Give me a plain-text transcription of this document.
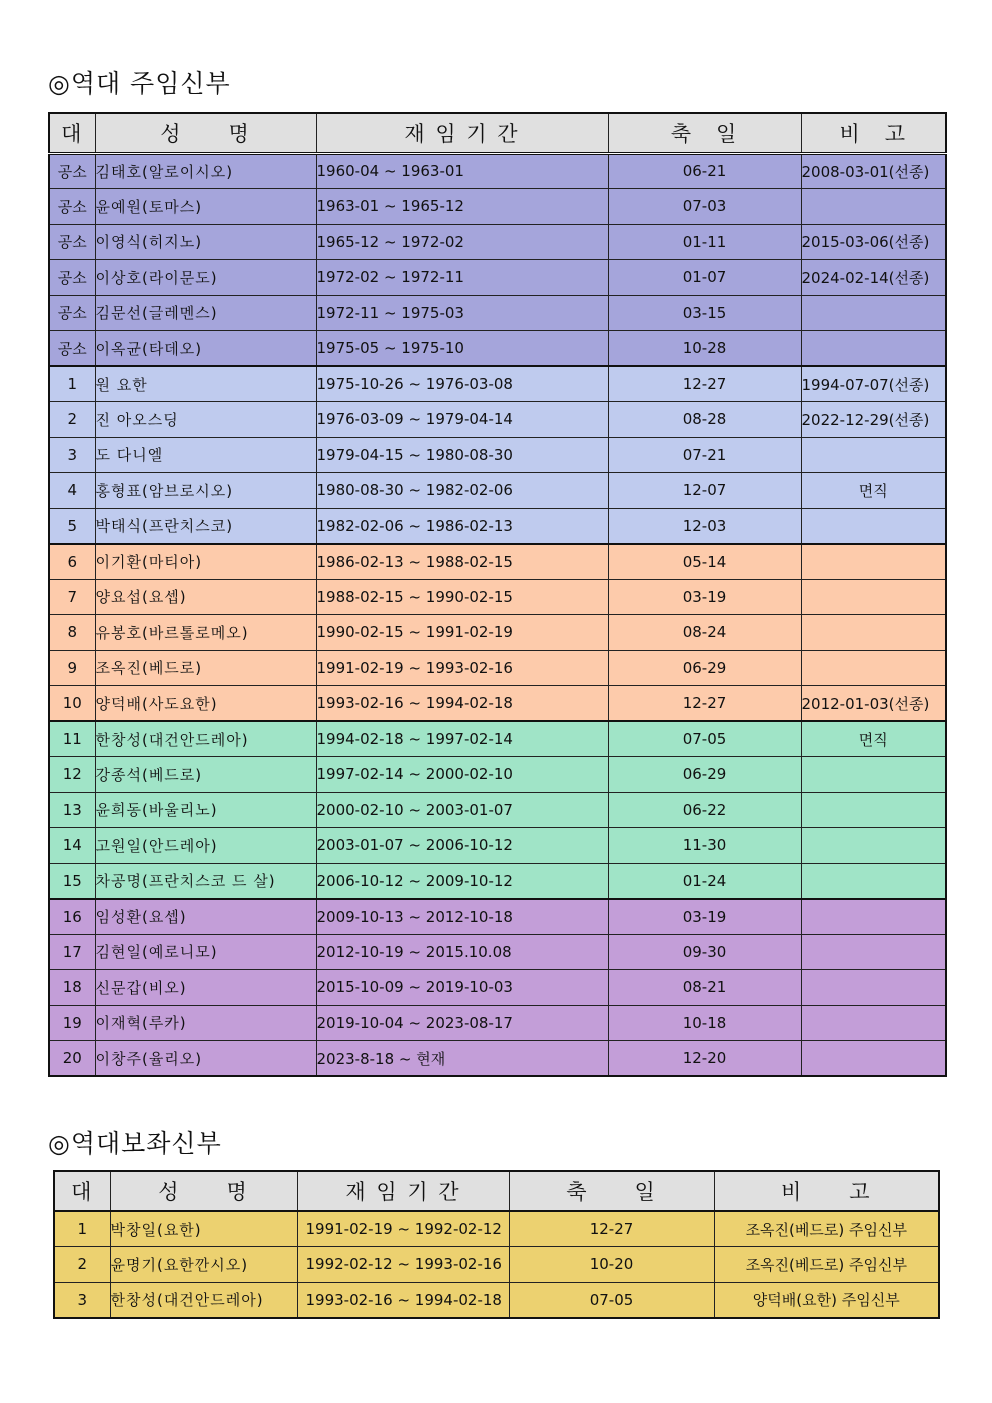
◎역대 주임신부
대	성　　명	재 임 기 간	축　일	비　고
공소	김태호(알로이시오)	1960-04 ~ 1963-01	06-21	2008-03-01(선종)
공소	윤예원(토마스)	1963-01 ~ 1965-12	07-03	
공소	이영식(히지노)	1965-12 ~ 1972-02	01-11	2015-03-06(선종)
공소	이상호(라이문도)	1972-02 ~ 1972-11	01-07	2024-02-14(선종)
공소	김문선(글레멘스)	1972-11 ~ 1975-03	03-15	
공소	이옥균(타데오)	1975-05 ~ 1975-10	10-28	
1	원 요한	1975-10-26 ~ 1976-03-08	12-27	1994-07-07(선종)
2	진 아오스딩	1976-03-09 ~ 1979-04-14	08-28	2022-12-29(선종)
3	도 다니엘	1979-04-15 ~ 1980-08-30	07-21	
4	홍형표(암브로시오)	1980-08-30 ~ 1982-02-06	12-07	면직
5	박태식(프란치스코)	1982-02-06 ~ 1986-02-13	12-03	
6	이기환(마티아)	1986-02-13 ~ 1988-02-15	05-14	
7	양요섭(요셉)	1988-02-15 ~ 1990-02-15	03-19	
8	유봉호(바르톨로메오)	1990-02-15 ~ 1991-02-19	08-24	
9	조옥진(베드로)	1991-02-19 ~ 1993-02-16	06-29	
10	양덕배(사도요한)	1993-02-16 ~ 1994-02-18	12-27	2012-01-03(선종)
11	한창성(대건안드레아)	1994-02-18 ~ 1997-02-14	07-05	면직
12	강종석(베드로)	1997-02-14 ~ 2000-02-10	06-29	
13	윤희동(바울리노)	2000-02-10 ~ 2003-01-07	06-22	
14	고원일(안드레아)	2003-01-07 ~ 2006-10-12	11-30	
15	차공명(프란치스코 드 살)	2006-10-12 ~ 2009-10-12	01-24	
16	임성환(요셉)	2009-10-13 ~ 2012-10-18	03-19	
17	김현일(예로니모)	2012-10-19 ~ 2015.10.08	09-30	
18	신문갑(비오)	2015-10-09 ~ 2019-10-03	08-21	
19	이재혁(루카)	2019-10-04 ~ 2023-08-17	10-18	
20	이창주(율리오)	2023-8-18 ~ 현재	12-20	
◎역대보좌신부
대	성　　명	재 임 기 간	축　　일	비　　고
1	박창일(요한)	1991-02-19 ~ 1992-02-12	12-27	조옥진(베드로) 주임신부
2	윤명기(요한깐시오)	1992-02-12 ~ 1993-02-16	10-20	조옥진(베드로) 주임신부
3	한창성(대건안드레아)	1993-02-16 ~ 1994-02-18	07-05	양덕배(요한) 주임신부
